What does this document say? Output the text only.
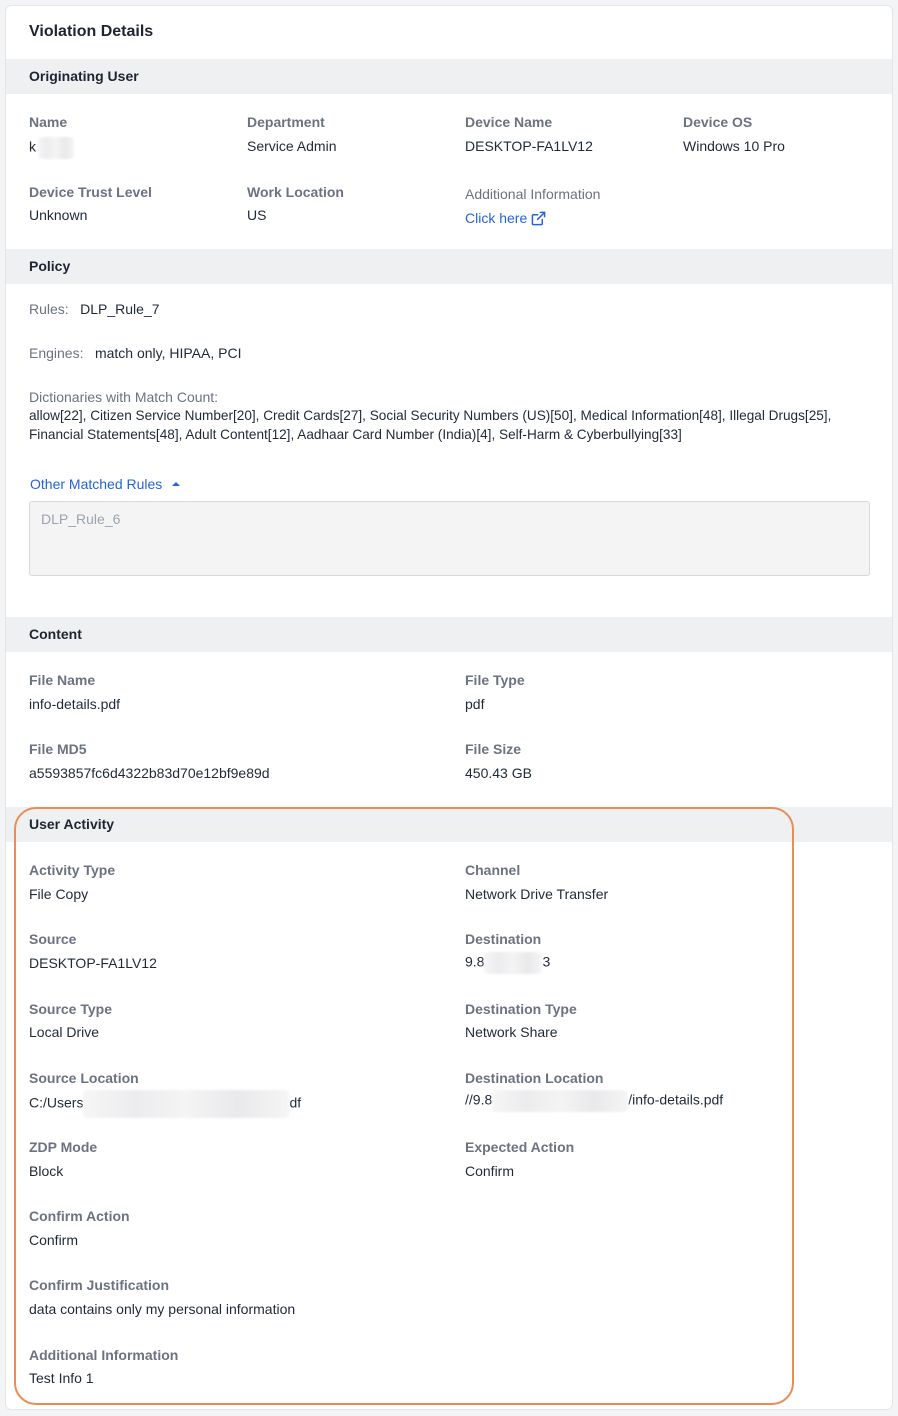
Violation Details
Originating User
Name
k
Department
Service Admin
Device Name
DESKTOP-FA1LV12
Device OS
Windows 10 Pro
Device Trust Level
Unknown
Work Location
US
Additional Information
Click here
Policy
Rules: DLP_Rule_7
Engines: match only, HIPAA, PCI
Dictionaries with Match Count:
allow[22], Citizen Service Number[20], Credit Cards[27], Social Security Numbers (US)[50], Medical Information[48], Illegal Drugs[25],
Financial Statements[48], Adult Content[12], Aadhaar Card Number (India)[4], Self-Harm & Cyberbullying[33]
Other Matched Rules
DLP_Rule_6
Content
File Name
info-details.pdf
File Type
pdf
File MD5
a5593857fc6d4322b83d70e12bf9e89d
File Size
450.43 GB
User Activity
Activity Type
File Copy
Channel
Network Drive Transfer
Source
DESKTOP-FA1LV12
Destination
9.8	3
Source Type
Local Drive
Destination Type
Network Share
Source Location
C:/Users	df
Destination Location
//9.8	/info-details.pdf
ZDP Mode
Block
Expected Action
Confirm
Confirm Action
Confirm
Confirm Justification
data contains only my personal information
Additional Information
Test Info 1
